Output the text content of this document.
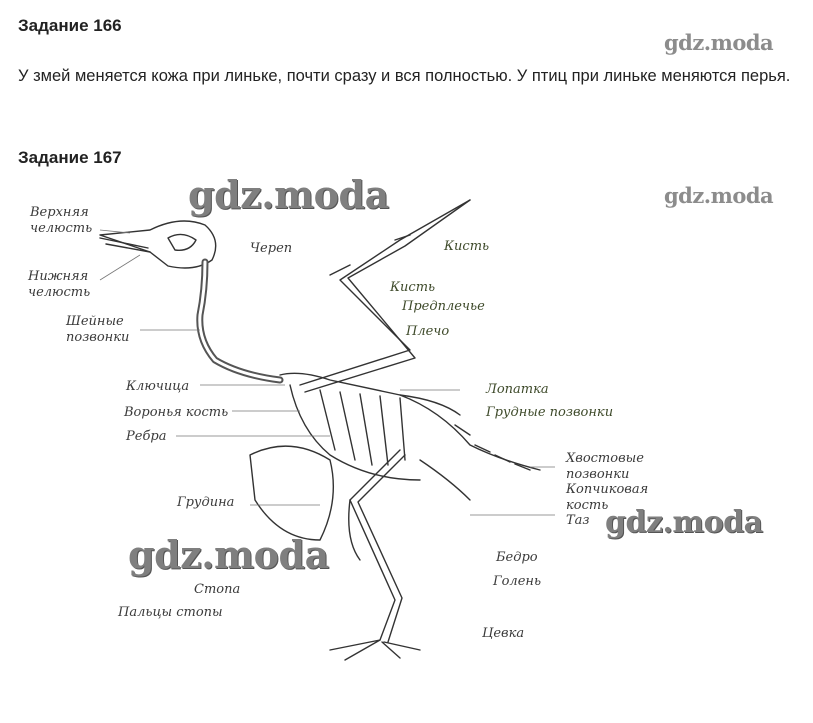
Задание 166
У змей меняется кожа при линьке, почти сразу и вся полностью. У птиц при линьке меняются перья.
Задание 167
gdz.moda
gdz.moda	gdz.moda
gdz.moda
gdz.moda
Верхняя
челюсть
Нижняя
челюсть
Шейные
позвонки
Ключица
Воронья кость
Ребра
Грудина
Стопа
Пальцы стопы
Череп	Кисть
Кисть
Предплечье
Плечо
Лопатка
Грудные позвонки
Хвостовые
позвонки
Копчиковая
кость
Таз
Бедро
Голень
Цевка
